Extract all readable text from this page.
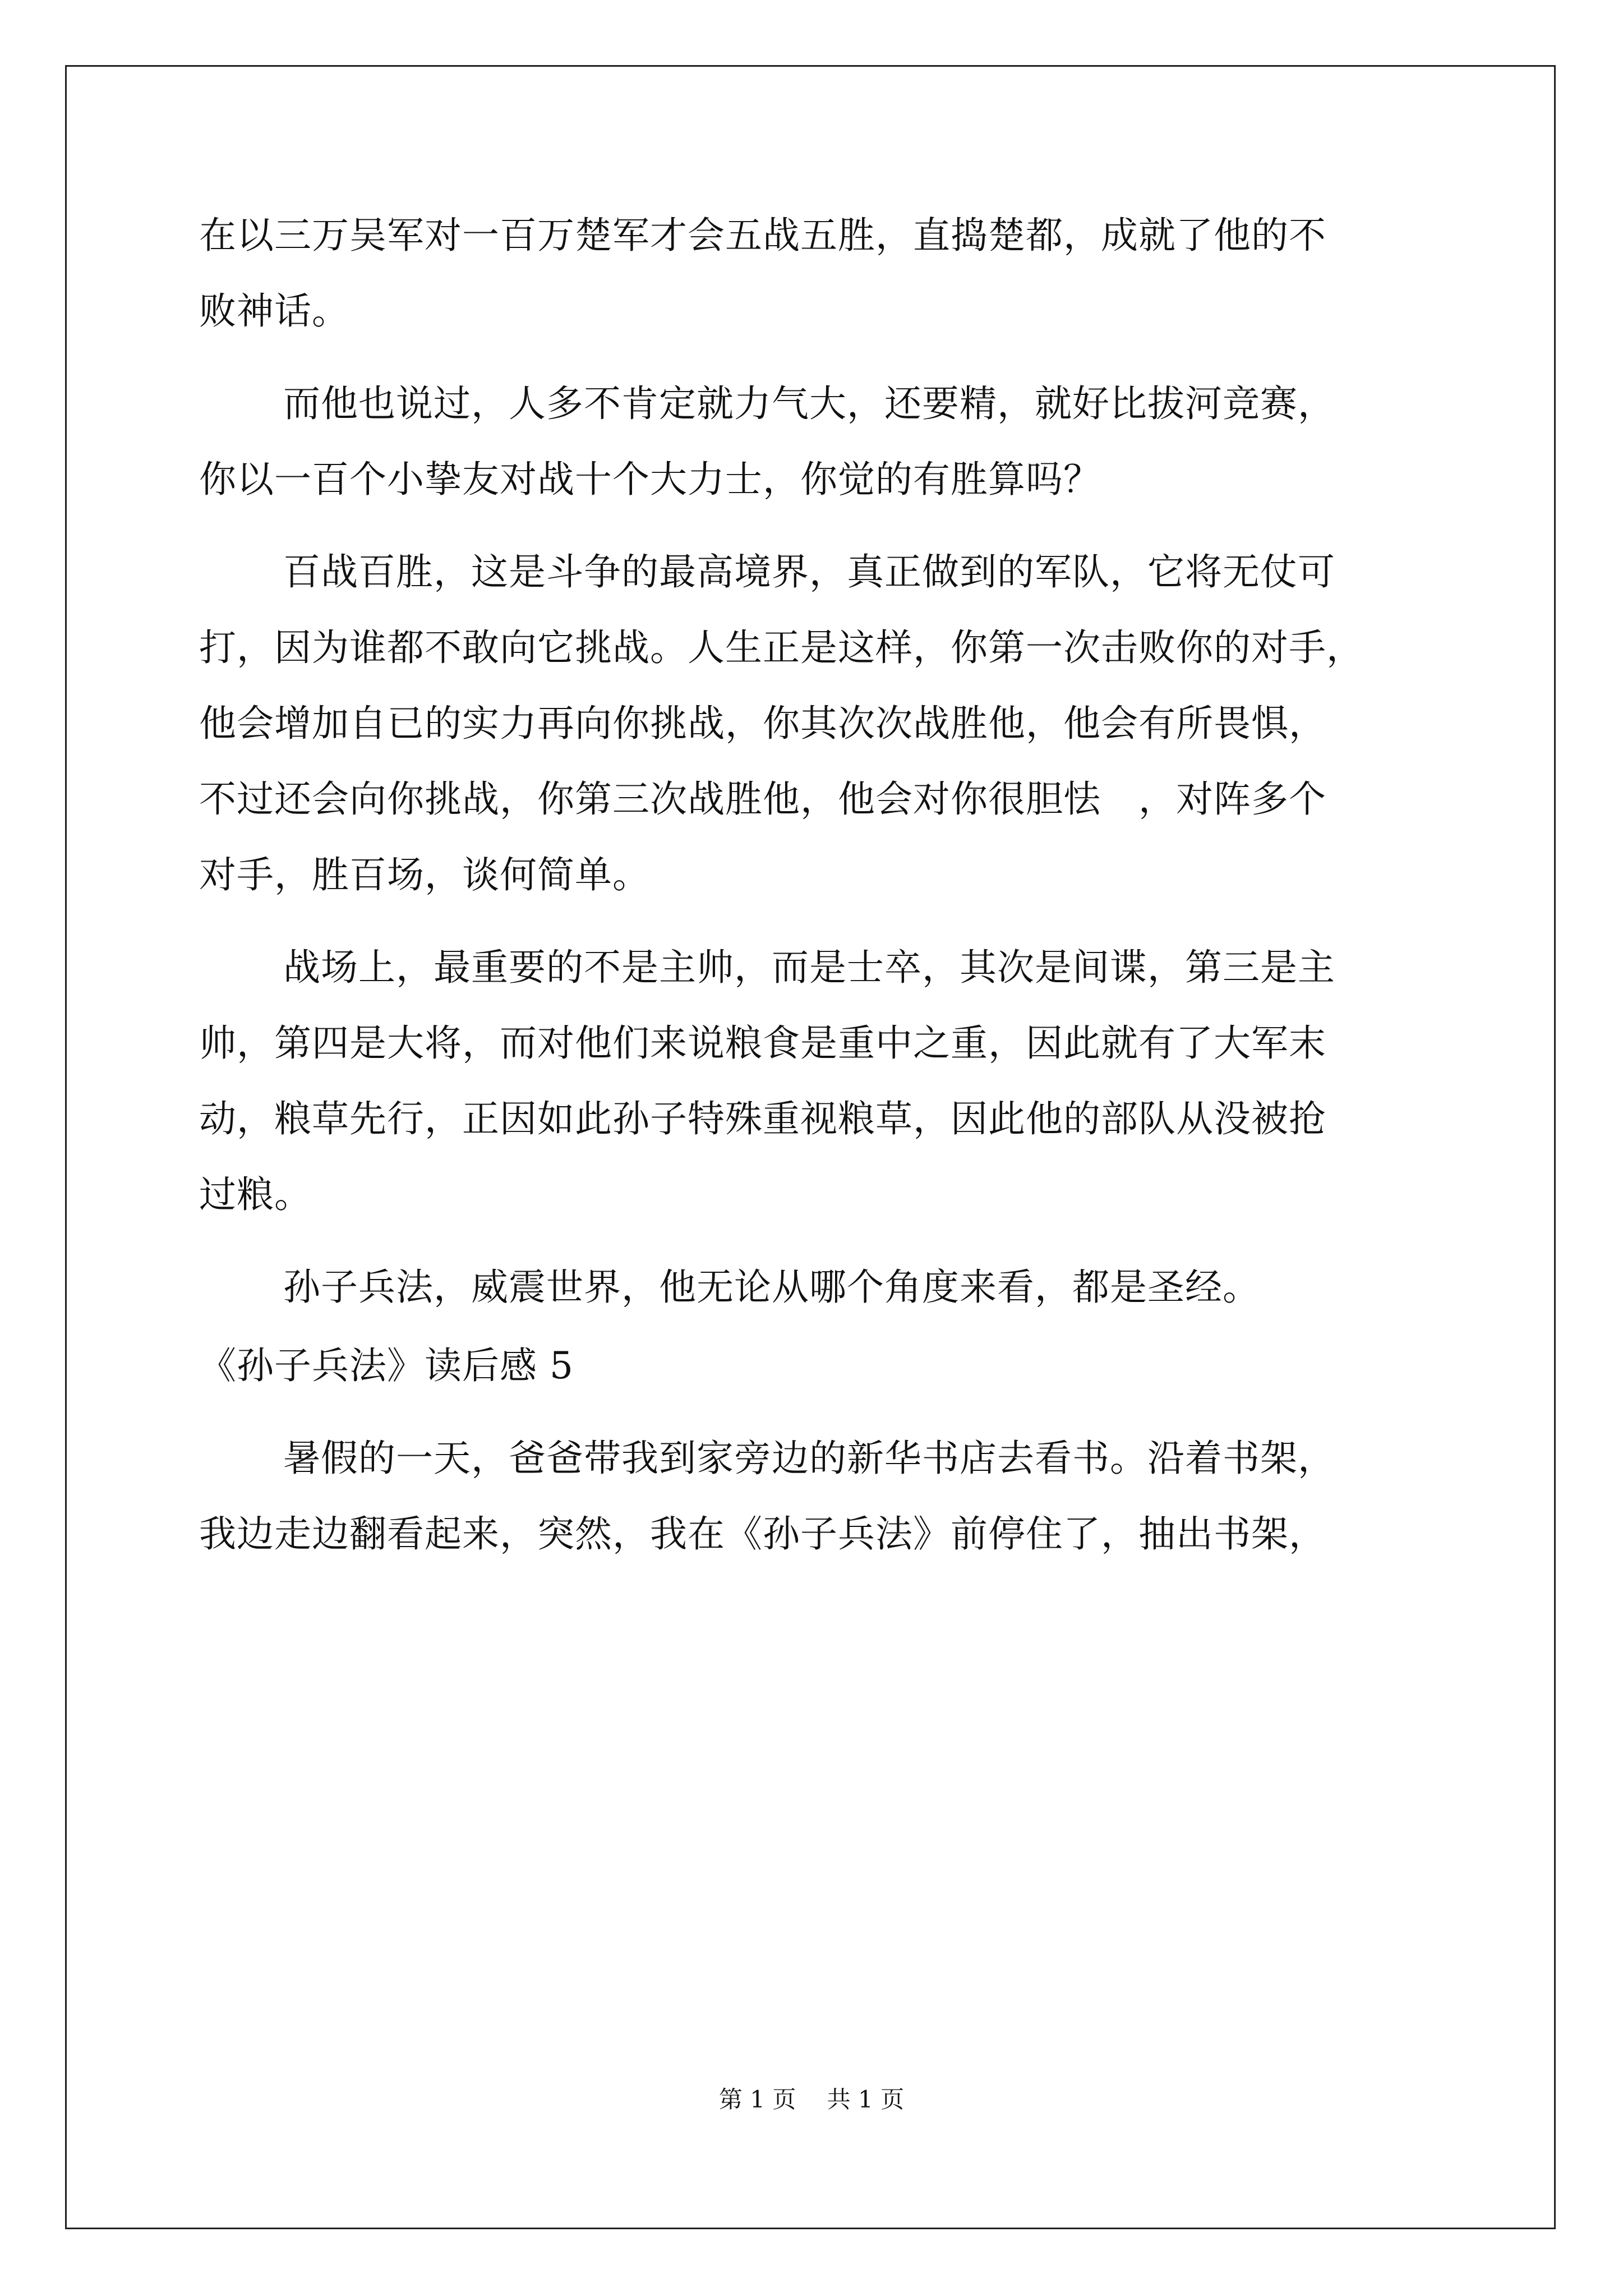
在以三万吴军对一百万楚军才会五战五胜，直捣楚都，成就了他的不
败神话。
而他也说过，人多不肯定就力气大，还要精，就好比拔河竞赛，
你以一百个小挚友对战十个大力士，你觉的有胜算吗？
百战百胜，这是斗争的最高境界，真正做到的军队，它将无仗可
打，因为谁都不敢向它挑战。人生正是这样，你第一次击败你的对手，
他会增加自已的实力再向你挑战，你其次次战胜他，他会有所畏惧，
不过还会向你挑战，你第三次战胜他，他会对你很胆怯　，对阵多个
对手，胜百场，谈何简单。
战场上，最重要的不是主帅，而是士卒，其次是间谍，第三是主
帅，第四是大将，而对他们来说粮食是重中之重，因此就有了大军末
动，粮草先行，正因如此孙子特殊重视粮草，因此他的部队从没被抢
过粮。
孙子兵法，威震世界，他无论从哪个角度来看，都是圣经。
《孙子兵法》读后感 5
暑假的一天，爸爸带我到家旁边的新华书店去看书。沿着书架，
我边走边翻看起来，突然，我在《孙子兵法》前停住了，抽出书架，
第 1 页　 共 1 页
